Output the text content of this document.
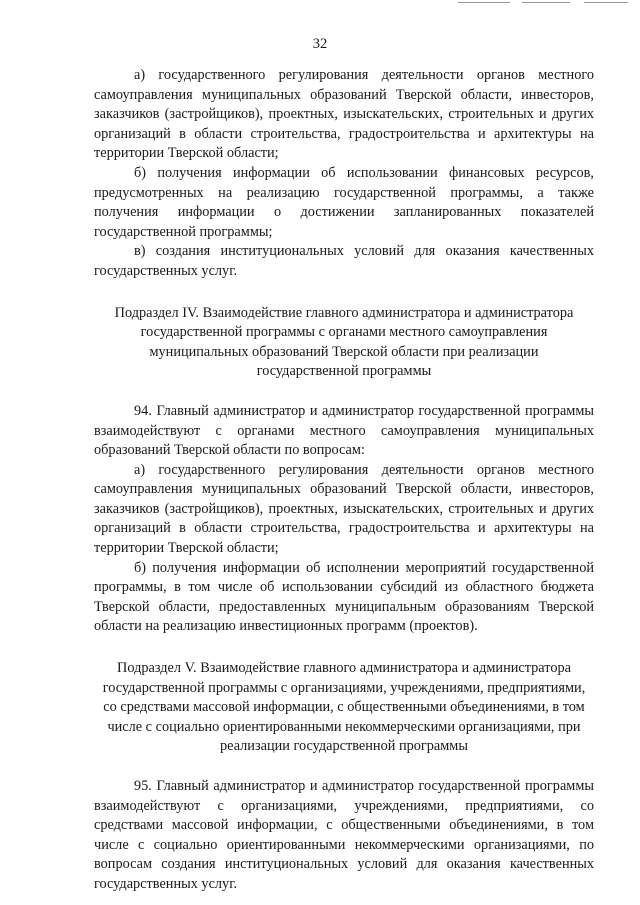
32

а) государственного регулирования деятельности органов местного самоуправления муниципальных образований Тверской области, инвесторов, заказчиков (застройщиков), проектных, изыскательских, строительных и других организаций в области строительства, градостроительства и архитектуры на территории Тверской области;

б) получения информации об использовании финансовых ресурсов, предусмотренных на реализацию государственной программы, а также получения информации о достижении запланированных показателей государственной программы;

в) создания институциональных условий для оказания качественных государственных услуг.

Подраздел IV. Взаимодействие главного администратора и администратора государственной программы с органами местного самоуправления муниципальных образований Тверской области при реализации государственной программы

94. Главный администратор и администратор государственной программы взаимодействуют с органами местного самоуправления муниципальных образований Тверской области по вопросам:

а) государственного регулирования деятельности органов местного самоуправления муниципальных образований Тверской области, инвесторов, заказчиков (застройщиков), проектных, изыскательских, строительных и других организаций в области строительства, градостроительства и архитектуры на территории Тверской области;

б) получения информации об исполнении мероприятий государственной программы, в том числе об использовании субсидий из областного бюджета Тверской области, предоставленных муниципальным образованиям Тверской области на реализацию инвестиционных программ (проектов).

Подраздел V. Взаимодействие главного администратора и администратора государственной программы с организациями, учреждениями, предприятиями, со средствами массовой информации, с общественными объединениями, в том числе с социально ориентированными некоммерческими организациями, при реализации государственной программы

95. Главный администратор и администратор государственной программы взаимодействуют с организациями, учреждениями, предприятиями, со средствами массовой информации, с общественными объединениями, в том числе с социально ориентированными некоммерческими организациями, по вопросам создания институциональных условий для оказания качественных государственных услуг.
